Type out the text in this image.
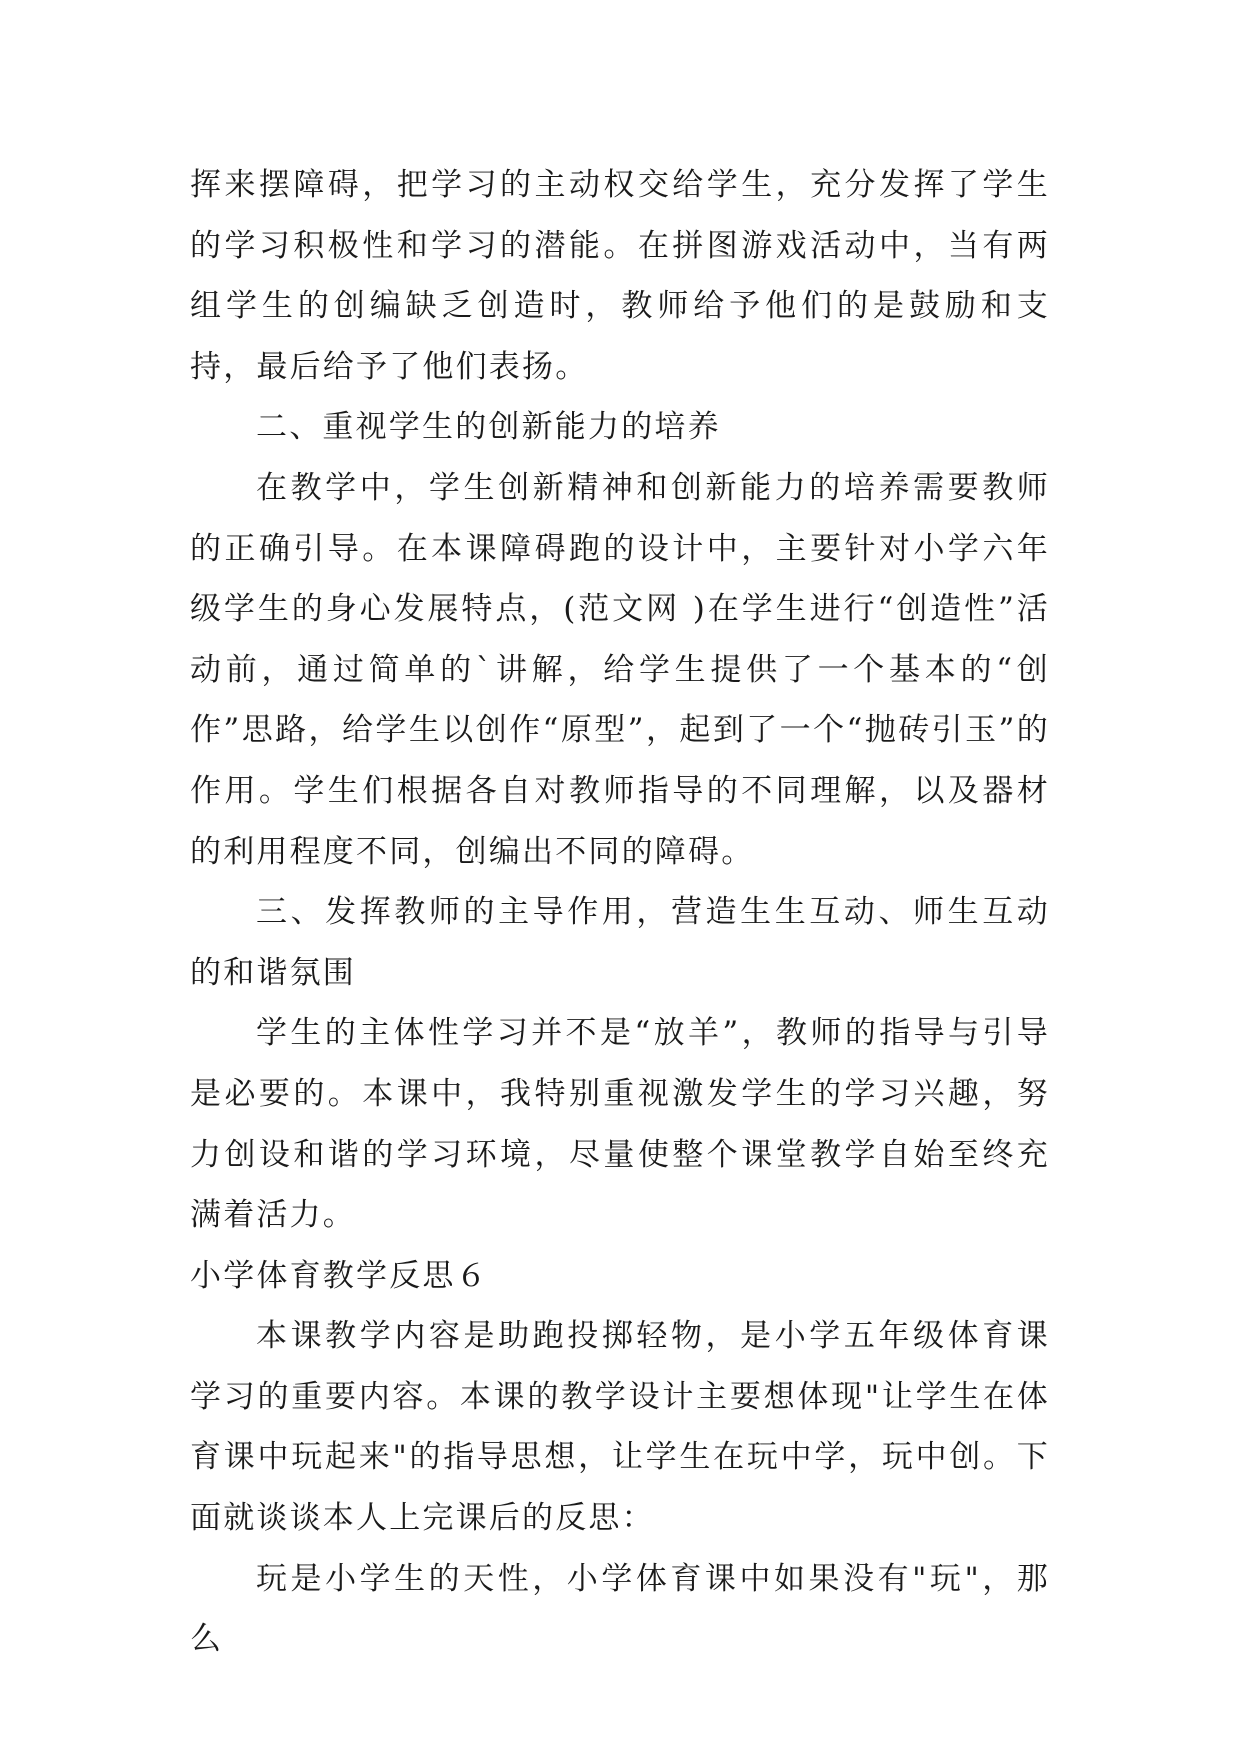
挥来摆障碍，把学习的主动权交给学生，充分发挥了学生的学习积极性和学习的潜能。在拼图游戏活动中，当有两组学生的创编缺乏创造时，教师给予他们的是鼓励和支持，最后给予了他们表扬。

二、重视学生的创新能力的培养

在教学中，学生创新精神和创新能力的培养需要教师的正确引导。在本课障碍跑的设计中，主要针对小学六年级学生的身心发展特点，(范文网 )在学生进行“创造性”活动前，通过简单的`讲解，给学生提供了一个基本的“创作”思路，给学生以创作“原型”，起到了一个“抛砖引玉”的作用。学生们根据各自对教师指导的不同理解，以及器材的利用程度不同，创编出不同的障碍。

三、发挥教师的主导作用，营造生生互动、师生互动的和谐氛围

学生的主体性学习并不是“放羊”，教师的指导与引导是必要的。本课中，我特别重视激发学生的学习兴趣，努力创设和谐的学习环境，尽量使整个课堂教学自始至终充满着活力。

小学体育教学反思６

本课教学内容是助跑投掷轻物，是小学五年级体育课学习的重要内容。本课的教学设计主要想体现"让学生在体育课中玩起来"的指导思想，让学生在玩中学，玩中创。下面就谈谈本人上完课后的反思：

玩是小学生的天性，小学体育课中如果没有"玩"，那么
